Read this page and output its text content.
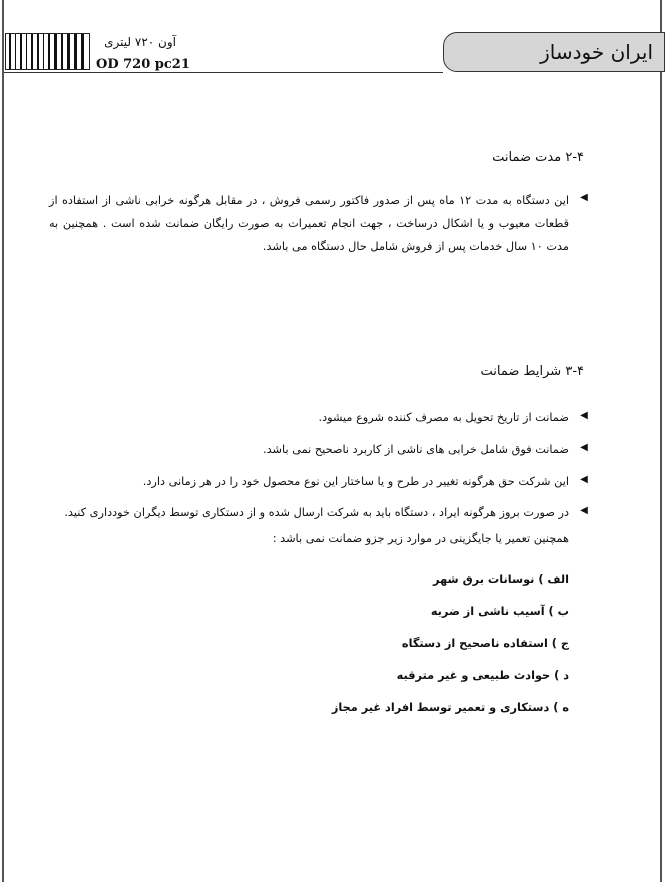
آون ۷۲۰ لیتری
OD 720 pc21
ایران خودساز
۲-۴ مدت ضمانت
◀
این دستگاه به مدت ۱۲ ماه پس از صدور فاکتور رسمی فروش ، در مقابل هرگونه خرابی ناشی از استفاده از قطعات معیوب و یا اشکال درساخت ، جهت انجام تعمیرات به صورت رایگان ضمانت شده است . همچنین به مدت ۱۰ سال خدمات پس از فروش شامل حال دستگاه می باشد.
۳-۴ شرایط ضمانت
◀
ضمانت از تاریخ تحویل به مصرف کننده شروع میشود.
◀
ضمانت فوق شامل خرابی های ناشی از کاربرد ناصحیح نمی باشد.
◀
این شرکت حق هرگونه تغییر در طرح و یا ساختار این نوع محصول خود را در هر زمانی دارد.
◀
در صورت بروز هرگونه ایراد ، دستگاه باید به شرکت ارسال شده و از دستکاری توسط دیگران خودداری کنید.
همچنین تعمیر یا جایگزینی در موارد زیر جزو ضمانت نمی باشد :
الف ) نوسانات برق شهر
ب ) آسیب ناشی از ضربه
ج ) استفاده ناصحیح از دستگاه
د ) حوادث طبیعی و غیر مترقبه
ه ) دستکاری و تعمیر توسط افراد غیر مجاز
